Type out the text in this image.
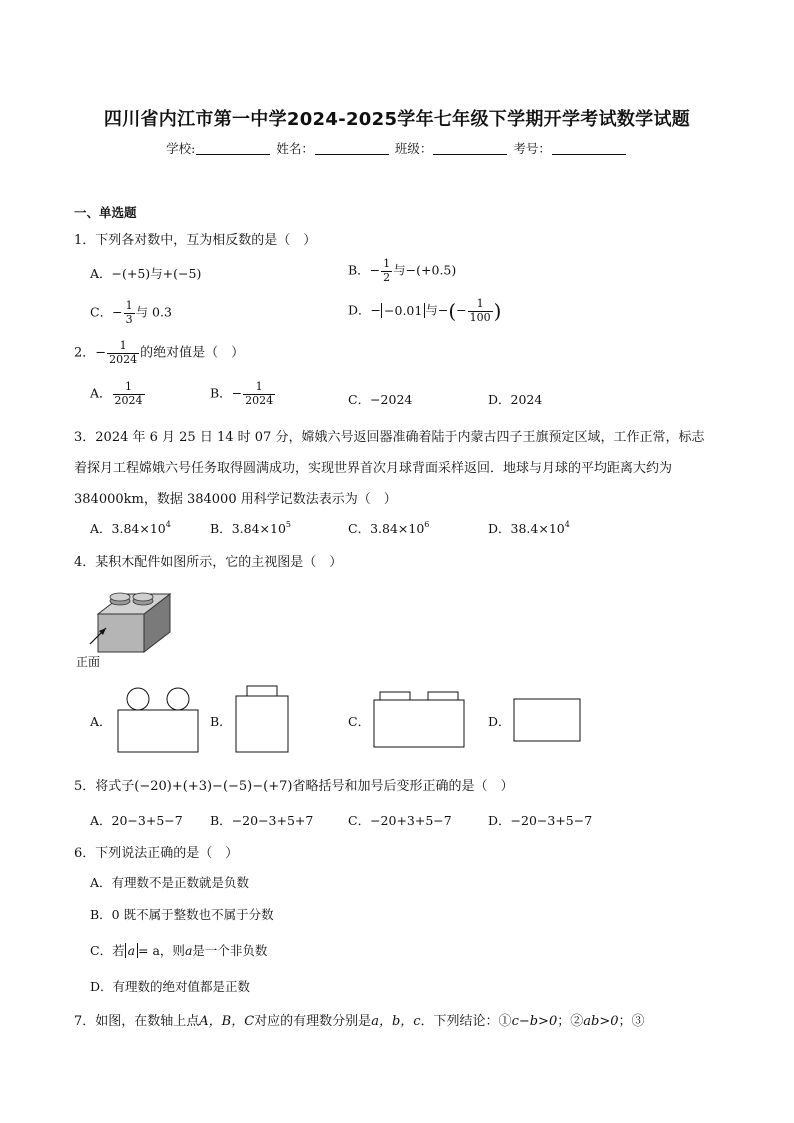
四川省内江市第一中学2024-2025学年七年级下学期开学考试数学试题
学校:	姓名：	班级：	考号：
一、单选题
1．下列各对数中，互为相反数的是（　）
A．−(+5)与+(−5)	B．− $\frac{1}{2}$ 与−(+0.5)
C．− $\frac{1}{3}$ 与 0.3	D．− −0.01 与−(− $\frac{1}{100}$ )
2．− $\frac{1}{2024}$ 的绝对值是（　）
A． $\frac{1}{2024}$	B．− $\frac{1}{2024}$	C．−2024	D．2024
3．2024 年 6 月 25 日 14 时 07 分，嫦娥六号返回器准确着陆于内蒙古四子王旗预定区域，工作正常，标志
着探月工程嫦娥六号任务取得圆满成功，实现世界首次月球背面采样返回．地球与月球的平均距离大约为
384000km，数据 384000 用科学记数法表示为（　）
A．$3.84\times 10^4$	B．$3.84\times 10^5$	C．$3.84\times 10^6$	D．$38.4\times 10^4$
4．某积木配件如图所示，它的主视图是（　）
正面
A．	B．	C．	D．
5．将式子(−20)+(+3)−(−5)−(+7)省略括号和加号后变形正确的是（　）
A．20−3+5−7 B．−20−3+5+7	C．−20+3+5−7	D．−20−3+5−7
6．下列说法正确的是（　）
A．有理数不是正数就是负数
B．0 既不属于整数也不属于分数
C．若 a = a，则a是一个非负数
D．有理数的绝对值都是正数
7．如图，在数轴上点A，B，C对应的有理数分别是a，b，c．下列结论：①c−b>0；②ab>0；③
